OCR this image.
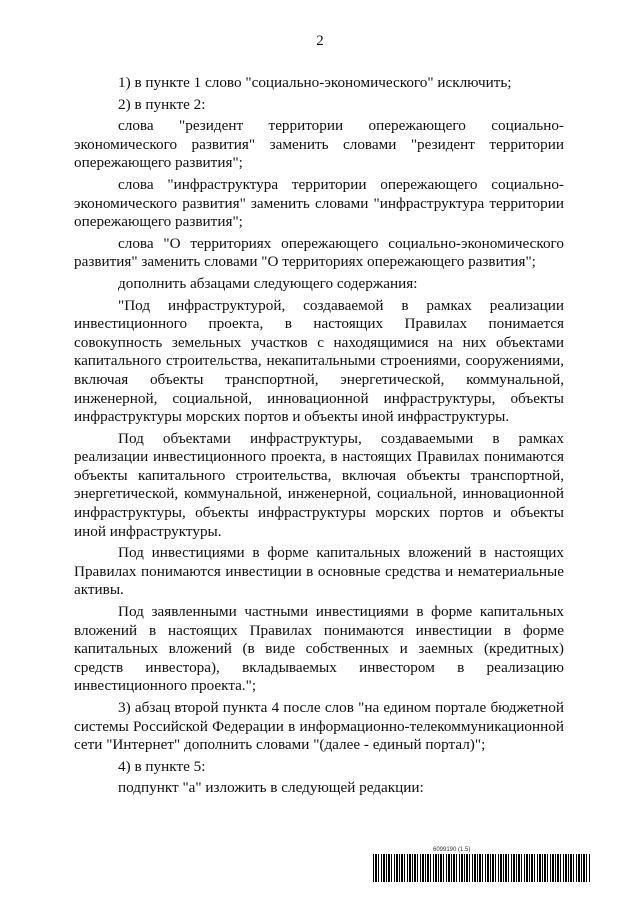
2

1) в пункте 1 слово "социально-экономического" исключить;

2) в пункте 2:

слова "резидент территории опережающего социально-экономического развития" заменить словами "резидент территории опережающего развития";

слова "инфраструктура территории опережающего социально-экономического развития" заменить словами "инфраструктура территории опережающего развития";

слова "О территориях опережающего социально-экономического развития" заменить словами "О территориях опережающего развития";

дополнить абзацами следующего содержания:

"Под инфраструктурой, создаваемой в рамках реализации инвестиционного проекта, в настоящих Правилах понимается совокупность земельных участков с находящимися на них объектами капитального строительства, некапитальными строениями, сооружениями, включая объекты транспортной, энергетической, коммунальной, инженерной, социальной, инновационной инфраструктуры, объекты инфраструктуры морских портов и объекты иной инфраструктуры.

Под объектами инфраструктуры, создаваемыми в рамках реализации инвестиционного проекта, в настоящих Правилах понимаются объекты капитального строительства, включая объекты транспортной, энергетической, коммунальной, инженерной, социальной, инновационной инфраструктуры, объекты инфраструктуры морских портов и объекты иной инфраструктуры.

Под инвестициями в форме капитальных вложений в настоящих Правилах понимаются инвестиции в основные средства и нематериальные активы.

Под заявленными частными инвестициями в форме капитальных вложений в настоящих Правилах понимаются инвестиции в форме капитальных вложений (в виде собственных и заемных (кредитных) средств инвестора), вкладываемых инвестором в реализацию инвестиционного проекта.";

3) абзац второй пункта 4 после слов "на едином портале бюджетной системы Российской Федерации в информационно-телекоммуникационной сети "Интернет" дополнить словами "(далее - единый портал)";

4) в пункте 5:

подпункт "а" изложить в следующей редакции:

6099190 (1.5)
